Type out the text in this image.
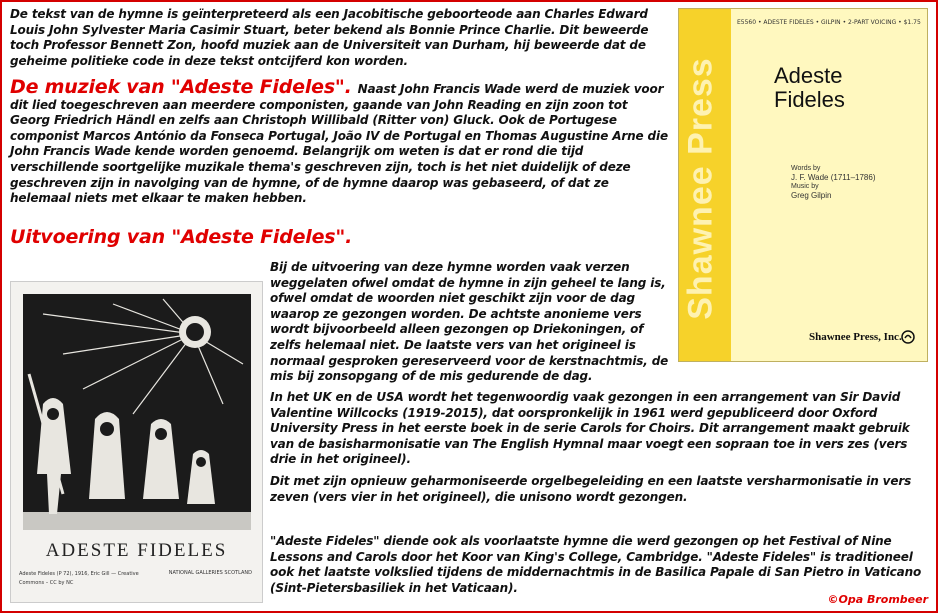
De tekst van de hymne is geïnterpreteerd als een Jacobitische geboorteode aan Charles Edward Louis John Sylvester Maria Casimir Stuart, beter bekend als Bonnie Prince Charlie. Dit beweerde toch Professor Bennett Zon, hoofd muziek aan de Universiteit van Durham, hij beweerde dat de geheime politieke code in deze tekst ontcijferd kon worden.

De muziek van "Adeste Fideles". Naast John Francis Wade werd de muziek voor dit lied toegeschreven aan meerdere componisten, gaande van John Reading en zijn zoon tot Georg Friedrich Händl en zelfs aan Christoph Willibald (Ritter von) Gluck. Ook de Portugese componist Marcos António da Fonseca Portugal, João IV de Portugal en Thomas Augustine Arne die John Francis Wade kende worden genoemd. Belangrijk om weten is dat er rond die tijd verschillende soortgelijke muzikale thema's geschreven zijn, toch is het niet duidelijk of deze geschreven zijn in navolging van de hymne, of de hymne daarop was gebaseerd, of dat ze helemaal niets met elkaar te maken hebben.

Uitvoering van "Adeste Fideles".

Bij de uitvoering van deze hymne worden vaak verzen weggelaten ofwel omdat de hymne in zijn geheel te lang is, ofwel omdat de woorden niet geschikt zijn voor de dag waarop ze gezongen worden. De achtste anonieme vers wordt bijvoorbeeld alleen gezongen op Driekoningen, of zelfs helemaal niet. De laatste vers van het origineel is normaal gesproken gereserveerd voor de kerstnachtmis, de mis bij zonsopgang of de mis gedurende de dag.

In het UK en de USA wordt het tegenwoordig vaak gezongen in een arrangement van Sir David Valentine Willcocks (1919-2015), dat oorspronkelijk in 1961 werd gepubliceerd door Oxford University Press in het eerste boek in de serie Carols for Choirs. Dit arrangement maakt gebruik van de basisharmonisatie van The English Hymnal maar voegt een sopraan toe in vers zes (vers drie in het origineel).

Dit met zijn opnieuw geharmoniseerde orgelbegeleiding en een laatste versharmonisatie in vers zeven (vers vier in het origineel), die unisono wordt gezongen.

"Adeste Fideles" diende ook als voorlaatste hymne die werd gezongen op het Festival of Nine Lessons and Carols door het Koor van King's College, Cambridge. "Adeste Fideles" is traditioneel ook het laatste volkslied tijdens de middernachtmis in de Basilica Papale di San Pietro in Vaticano (Sint-Pietersbasiliek in het Vaticaan).

©Opa Brombeer
Shawnee Press
E5560 • ADESTE FIDELES • GILPIN • 2-PART VOICING • $1.75
Adeste Fideles
Words by
J. F. Wade (1711–1786)
Music by
Greg Gilpin
Shawnee Press, Inc.
ADESTE FIDELES
Adeste Fideles (P 72), 1916, Eric Gill — Creative Commons – CC by NC
NATIONAL GALLERIES SCOTLAND
